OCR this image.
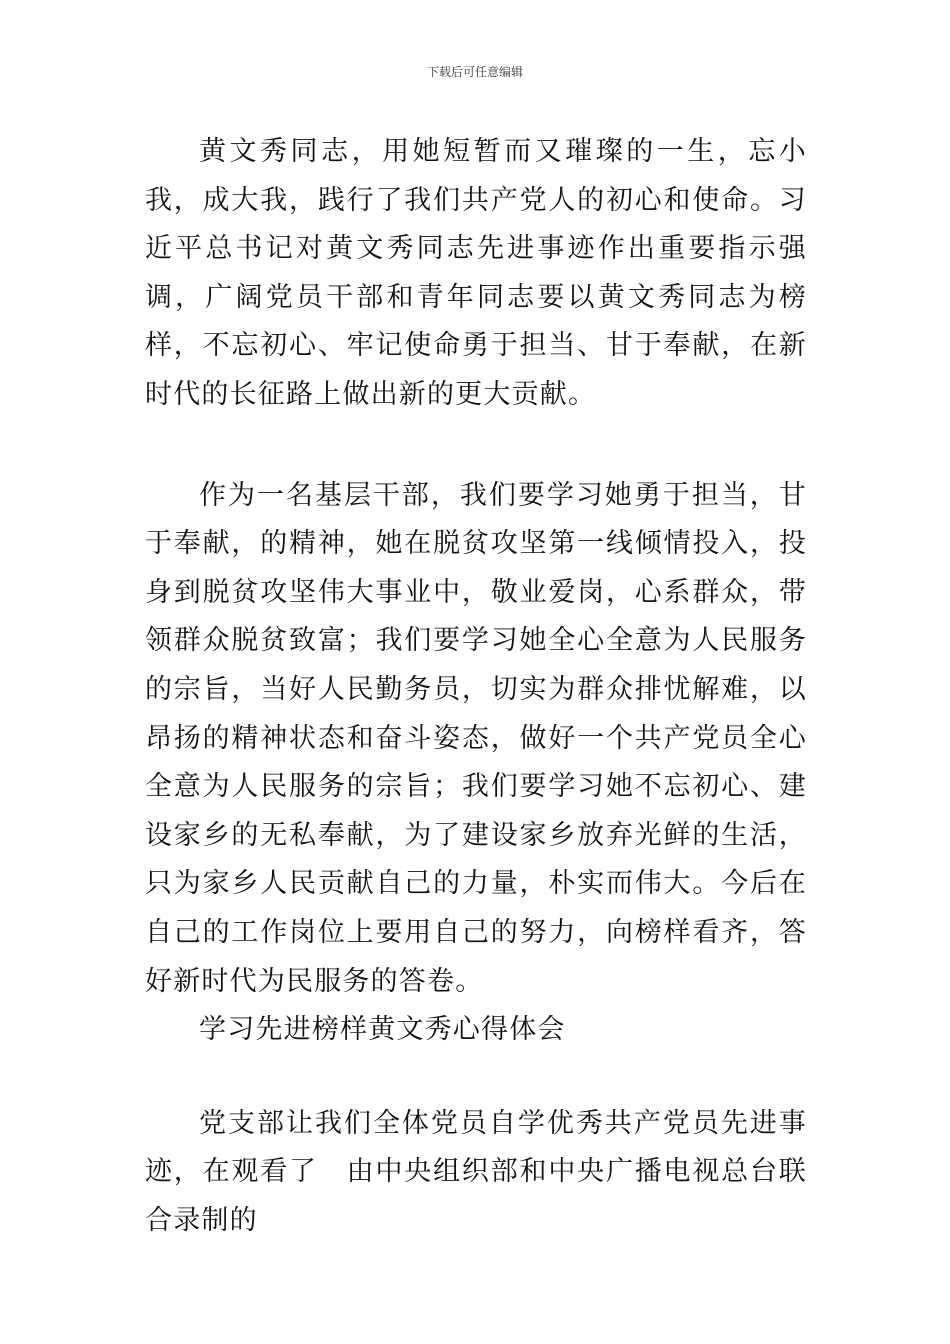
下载后可任意编辑

黄文秀同志，用她短暂而又璀璨的一生，忘小我，成大我，践行了我们共产党人的初心和使命。习近平总书记对黄文秀同志先进事迹作出重要指示强调，广阔党员干部和青年同志要以黄文秀同志为榜样，不忘初心、牢记使命勇于担当、甘于奉献，在新时代的长征路上做出新的更大贡献。

作为一名基层干部，我们要学习她勇于担当，甘于奉献，的精神，她在脱贫攻坚第一线倾情投入，投身到脱贫攻坚伟大事业中，敬业爱岗，心系群众，带领群众脱贫致富；我们要学习她全心全意为人民服务的宗旨，当好人民勤务员，切实为群众排忧解难，以昂扬的精神状态和奋斗姿态，做好一个共产党员全心全意为人民服务的宗旨；我们要学习她不忘初心、建设家乡的无私奉献，为了建设家乡放弃光鲜的生活，只为家乡人民贡献自己的力量，朴实而伟大。今后在自己的工作岗位上要用自己的努力，向榜样看齐，答好新时代为民服务的答卷。

学习先进榜样黄文秀心得体会

党支部让我们全体党员自学优秀共产党员先进事迹，在观看了　由中央组织部和中央广播电视总台联合录制的
